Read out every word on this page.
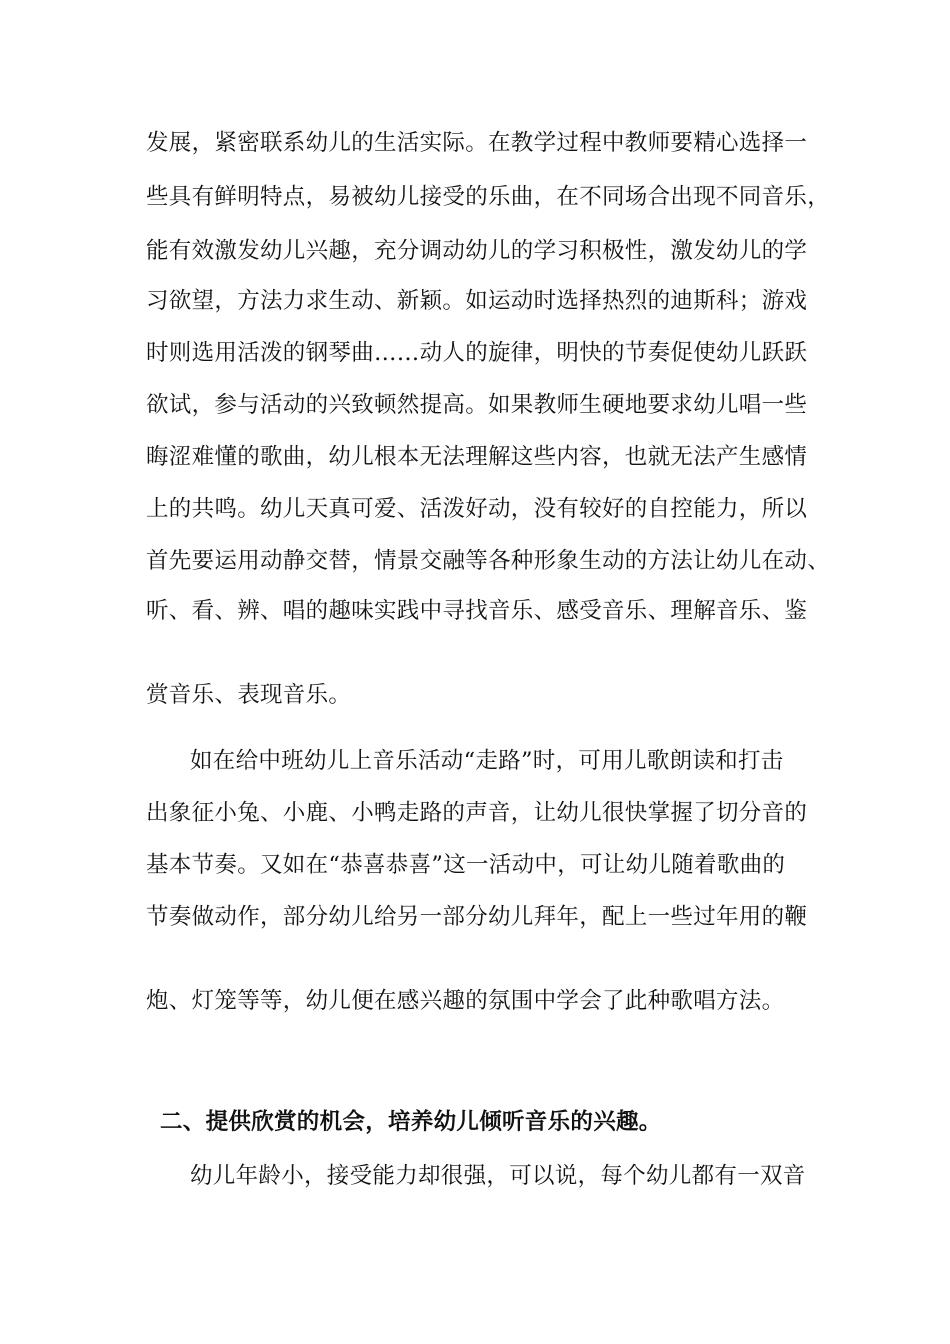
发展，紧密联系幼儿的生活实际。在教学过程中教师要精心选择一
些具有鲜明特点，易被幼儿接受的乐曲，在不同场合出现不同音乐，
能有效激发幼儿兴趣，充分调动幼儿的学习积极性，激发幼儿的学
习欲望，方法力求生动、新颖。如运动时选择热烈的迪斯科；游戏
时则选用活泼的钢琴曲……动人的旋律，明快的节奏促使幼儿跃跃
欲试，参与活动的兴致顿然提高。如果教师生硬地要求幼儿唱一些
晦涩难懂的歌曲，幼儿根本无法理解这些内容，也就无法产生感情
上的共鸣。幼儿天真可爱、活泼好动，没有较好的自控能力，所以
首先要运用动静交替，情景交融等各种形象生动的方法让幼儿在动、
听、看、辨、唱的趣味实践中寻找音乐、感受音乐、理解音乐、鉴
赏音乐、表现音乐。
如在给中班幼儿上音乐活动“走路”时，可用儿歌朗读和打击
出象征小兔、小鹿、小鸭走路的声音，让幼儿很快掌握了切分音的
基本节奏。又如在“恭喜恭喜”这一活动中，可让幼儿随着歌曲的
节奏做动作，部分幼儿给另一部分幼儿拜年，配上一些过年用的鞭
炮、灯笼等等，幼儿便在感兴趣的氛围中学会了此种歌唱方法。
二、提供欣赏的机会，培养幼儿倾听音乐的兴趣。
幼儿年龄小，接受能力却很强，可以说，每个幼儿都有一双音
